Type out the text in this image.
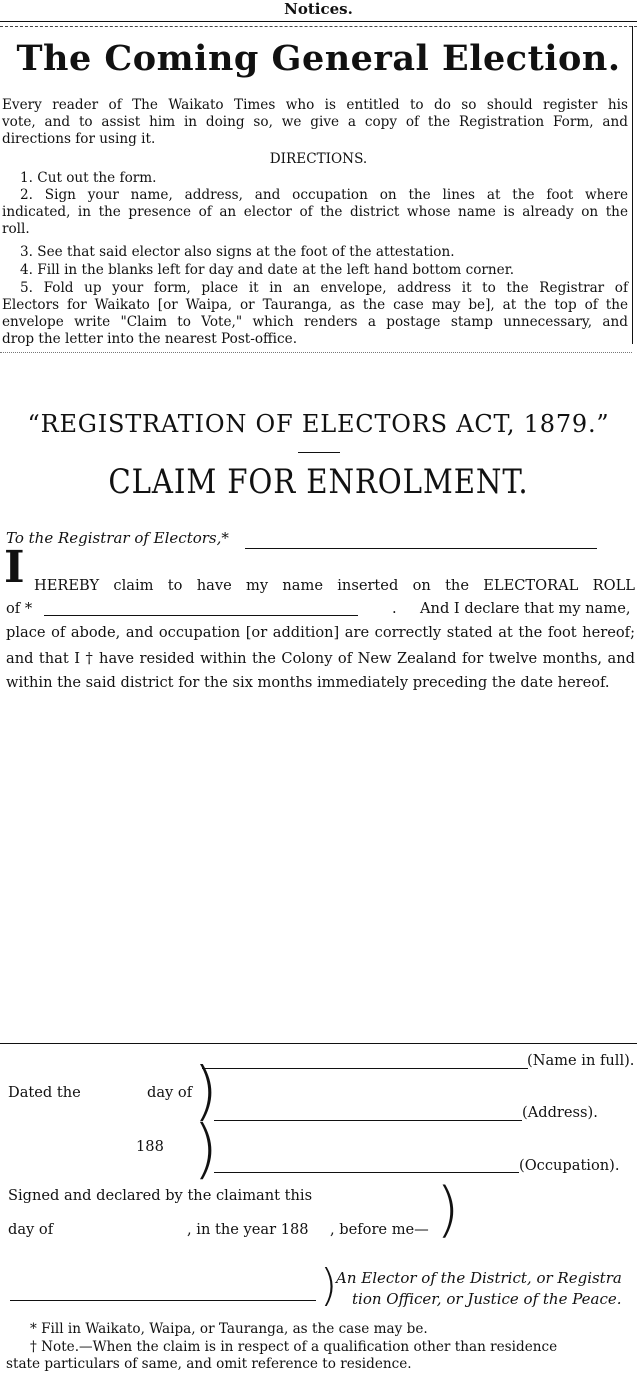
Notices.
The Coming General Election.
Every reader of The Waikato Times who is entitled to do so should register his
vote, and to assist him in doing so, we give a copy of the Registration Form, and
directions for using it.
DIRECTIONS.
1. Cut out the form.
2. Sign your name, address, and occupation on the lines at the foot where
indicated, in the presence of an elector of the district whose name is already on the
roll.
3. See that said elector also signs at the foot of the attestation.
4. Fill in the blanks left for day and date at the left hand bottom corner.
5. Fold up your form, place it in an envelope, address it to the Registrar of
Electors for Waikato [or Waipa, or Tauranga, as the case may be], at the top of the
envelope write "Claim to Vote," which renders a postage stamp unnecessary, and
drop the letter into the nearest Post-office.
“REGISTRATION OF ELECTORS ACT, 1879.”
CLAIM FOR ENROLMENT.
To the Registrar of Electors,*
I HEREBY claim to have my name inserted on the ELECTORAL ROLL
of *	. And I declare that my name,
place of abode, and occupation [or addition] are correctly stated at the foot hereof;
and that I † have resided within the Colony of New Zealand for twelve months, and
within the said district for the six months immediately preceding the date hereof.
(Name in full).
Dated the	day of )
)
(Address).
188
(Occupation).
Signed and declared by the claimant this )
day of	, in the year 188 , before me—
)
An Elector of the District, or Registra
tion Officer, or Justice of the Peace.
* Fill in Waikato, Waipa, or Tauranga, as the case may be.
† Note.—When the claim is in respect of a qualification other than residence
state particulars of same, and omit reference to residence.
